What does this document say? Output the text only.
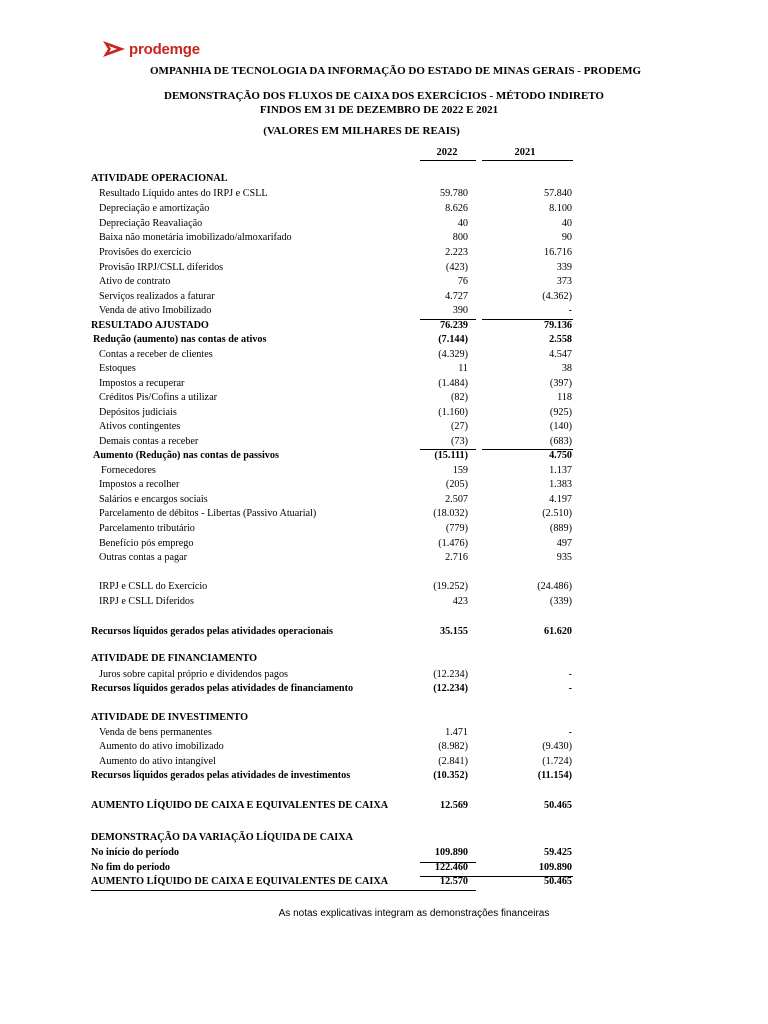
prodemge
OMPANHIA DE TECNOLOGIA DA INFORMAÇÃO DO ESTADO DE MINAS GERAIS - PRODEMG
DEMONSTRAÇÃO DOS FLUXOS DE CAIXA DOS EXERCÍCIOS - MÉTODO INDIRETO
FINDOS EM 31 DE DEZEMBRO DE 2022 E 2021
(VALORES EM MILHARES DE REAIS)
2022	2021
ATIVIDADE OPERACIONAL
Resultado Líquido antes do IRPJ e CSLL	59.780	57.840
Depreciação e amortização	8.626	8.100
Depreciação Reavaliação	40	40
Baixa não monetária imobilizado/almoxarifado	800	90
Provisões do exercício	2.223	16.716
Provisão IRPJ/CSLL diferidos	(423)	339
Ativo de contrato	76	373
Serviços realizados a faturar	4.727	(4.362)
Venda de ativo Imobilizado	390	-
RESULTADO AJUSTADO	76.239	79.136
Redução (aumento) nas contas de ativos	(7.144)	2.558
Contas a receber de clientes	(4.329)	4.547
Estoques	11	38
Impostos a recuperar	(1.484)	(397)
Créditos Pis/Cofins a utilizar	(82)	118
Depósitos judiciais	(1.160)	(925)
Ativos contingentes	(27)	(140)
Demais contas a receber	(73)	(683)
Aumento (Redução) nas contas de passivos	(15.111)	4.750
Fornecedores	159	1.137
Impostos a recolher	(205)	1.383
Salários e encargos sociais	2.507	4.197
Parcelamento de débitos - Libertas (Passivo Atuarial)	(18.032)	(2.510)
Parcelamento tributário	(779)	(889)
Benefício pós emprego	(1.476)	497
Outras contas a pagar	2.716	935
IRPJ e CSLL do Exercício	(19.252)	(24.486)
IRPJ e CSLL Diferidos	423	(339)
Recursos líquidos gerados pelas atividades operacionais	35.155	61.620
ATIVIDADE DE FINANCIAMENTO
Juros sobre capital próprio e dividendos pagos	(12.234)	-
Recursos líquidos gerados pelas atividades de financiamento	(12.234)	-
ATIVIDADE DE INVESTIMENTO
Venda de bens permanentes	1.471	-
Aumento do ativo imobilizado	(8.982)	(9.430)
Aumento do ativo intangível	(2.841)	(1.724)
Recursos líquidos gerados pelas atividades de investimentos	(10.352)	(11.154)
AUMENTO LÍQUIDO DE CAIXA E EQUIVALENTES DE CAIXA	12.569	50.465
DEMONSTRAÇÃO DA VARIAÇÃO LÍQUIDA DE CAIXA
No início do período	109.890	59.425
No fim do período	122.460	109.890
AUMENTO LÍQUIDO DE CAIXA E EQUIVALENTES DE CAIXA	12.570	50.465
As notas explicativas integram as demonstrações financeiras
